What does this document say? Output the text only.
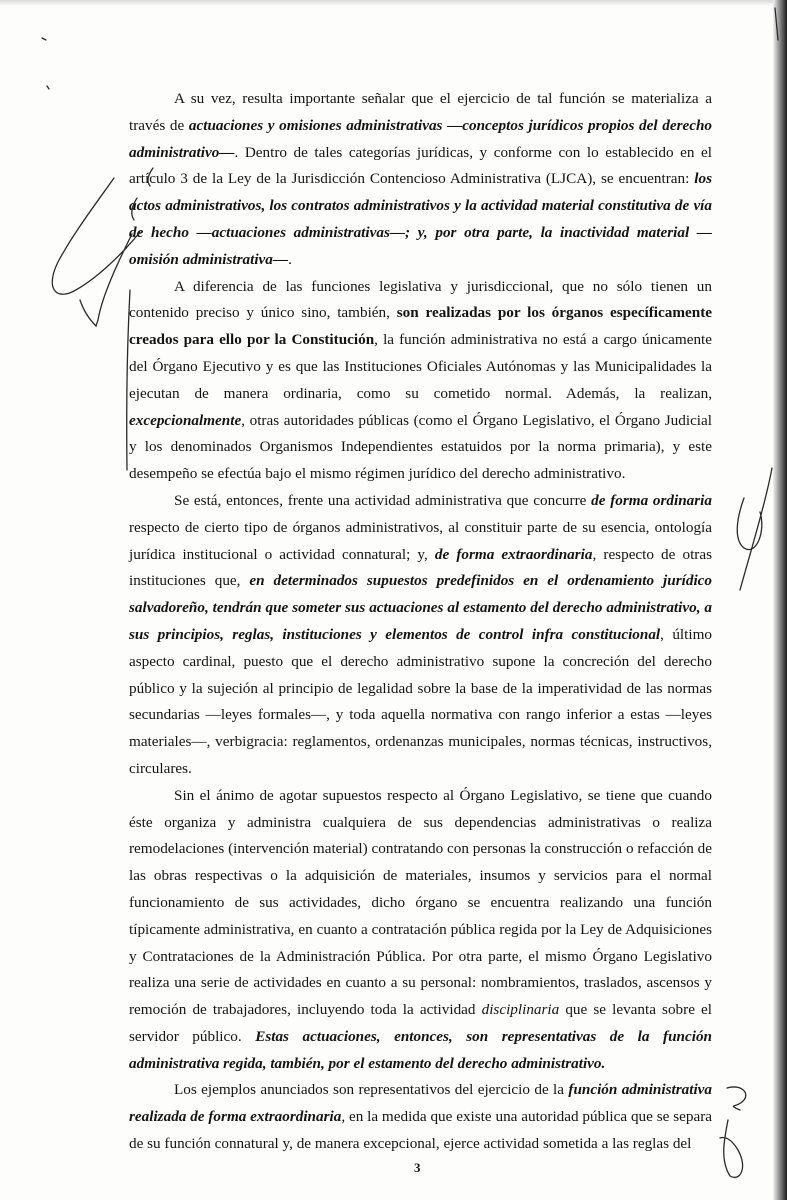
A su vez, resulta importante señalar que el ejercicio de tal función se materializa a través de actuaciones y omisiones administrativas —conceptos jurídicos propios del derecho administrativo—. Dentro de tales categorías jurídicas, y conforme con lo establecido en el artículo 3 de la Ley de la Jurisdicción Contencioso Administrativa (LJCA), se encuentran: los actos administrativos, los contratos administrativos y la actividad material constitutiva de vía de hecho —actuaciones administrativas—; y, por otra parte, la inactividad material —omisión administrativa—.

A diferencia de las funciones legislativa y jurisdiccional, que no sólo tienen un contenido preciso y único sino, también, son realizadas por los órganos específicamente creados para ello por la Constitución, la función administrativa no está a cargo únicamente del Órgano Ejecutivo y es que las Instituciones Oficiales Autónomas y las Municipalidades la ejecutan de manera ordinaria, como su cometido normal. Además, la realizan, excepcionalmente, otras autoridades públicas (como el Órgano Legislativo, el Órgano Judicial y los denominados Organismos Independientes estatuidos por la norma primaria), y este desempeño se efectúa bajo el mismo régimen jurídico del derecho administrativo.

Se está, entonces, frente una actividad administrativa que concurre de forma ordinaria respecto de cierto tipo de órganos administrativos, al constituir parte de su esencia, ontología jurídica institucional o actividad connatural; y, de forma extraordinaria, respecto de otras instituciones que, en determinados supuestos predefinidos en el ordenamiento jurídico salvadoreño, tendrán que someter sus actuaciones al estamento del derecho administrativo, a sus principios, reglas, instituciones y elementos de control infra constitucional, último aspecto cardinal, puesto que el derecho administrativo supone la concreción del derecho público y la sujeción al principio de legalidad sobre la base de la imperatividad de las normas secundarias —leyes formales—, y toda aquella normativa con rango inferior a estas —leyes materiales—, verbigracia: reglamentos, ordenanzas municipales, normas técnicas, instructivos, circulares.

Sin el ánimo de agotar supuestos respecto al Órgano Legislativo, se tiene que cuando éste organiza y administra cualquiera de sus dependencias administrativas o realiza remodelaciones (intervención material) contratando con personas la construcción o refacción de las obras respectivas o la adquisición de materiales, insumos y servicios para el normal funcionamiento de sus actividades, dicho órgano se encuentra realizando una función típicamente administrativa, en cuanto a contratación pública regida por la Ley de Adquisiciones y Contrataciones de la Administración Pública. Por otra parte, el mismo Órgano Legislativo realiza una serie de actividades en cuanto a su personal: nombramientos, traslados, ascensos y remoción de trabajadores, incluyendo toda la actividad disciplinaria que se levanta sobre el servidor público. Estas actuaciones, entonces, son representativas de la función administrativa regida, también, por el estamento del derecho administrativo.

Los ejemplos anunciados son representativos del ejercicio de la función administrativa realizada de forma extraordinaria, en la medida que existe una autoridad pública que se separa de su función connatural y, de manera excepcional, ejerce actividad sometida a las reglas del

3
